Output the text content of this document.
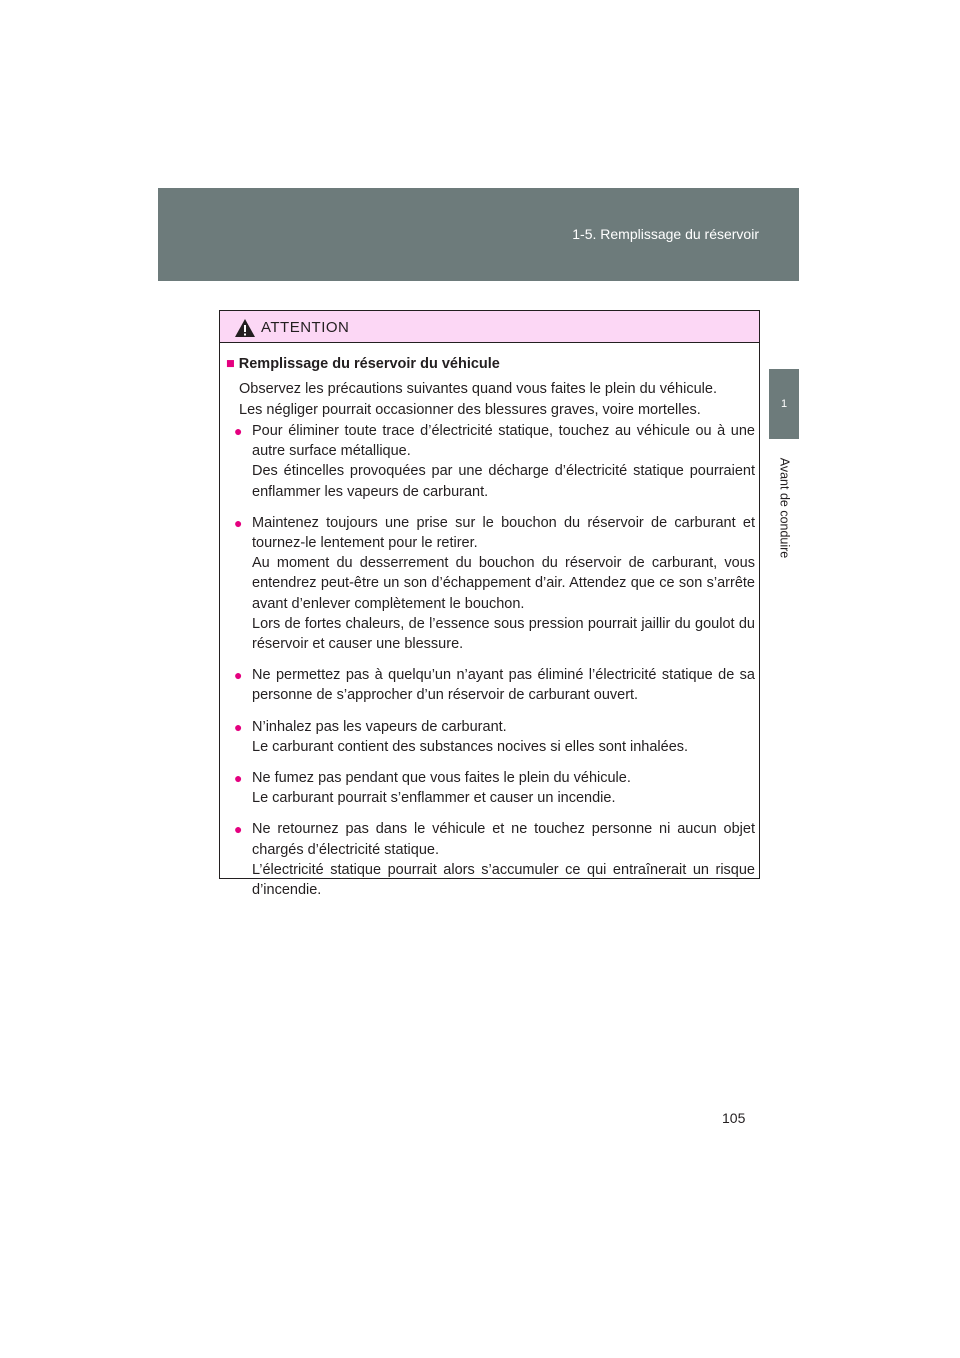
1-5. Remplissage du réservoir
1
Avant de conduire
ATTENTION
■ Remplissage du réservoir du véhicule

Observez les précautions suivantes quand vous faites le plein du véhicule.

Les négliger pourrait occasionner des blessures graves, voire mortelles.

● Pour éliminer toute trace d’électricité statique, touchez au véhicule ou à une autre surface métallique.
Des étincelles provoquées par une décharge d’électricité statique pourraient enflammer les vapeurs de carburant.
● Maintenez toujours une prise sur le bouchon du réservoir de carburant et tournez-le lentement pour le retirer.
Au moment du desserrement du bouchon du réservoir de carburant, vous entendrez peut-être un son d’échappement d’air. Attendez que ce son s’arrête avant d’enlever complètement le bouchon.
Lors de fortes chaleurs, de l’essence sous pression pourrait jaillir du goulot du réservoir et causer une blessure.
● Ne permettez pas à quelqu’un n’ayant pas éliminé l’électricité statique de sa personne de s’approcher d’un réservoir de carburant ouvert.
● N’inhalez pas les vapeurs de carburant.
Le carburant contient des substances nocives si elles sont inhalées.
● Ne fumez pas pendant que vous faites le plein du véhicule.
Le carburant pourrait s’enflammer et causer un incendie.
● Ne retournez pas dans le véhicule et ne touchez personne ni aucun objet chargés d’électricité statique.
L’électricité statique pourrait alors s’accumuler ce qui entraînerait un risque d’incendie.
105
